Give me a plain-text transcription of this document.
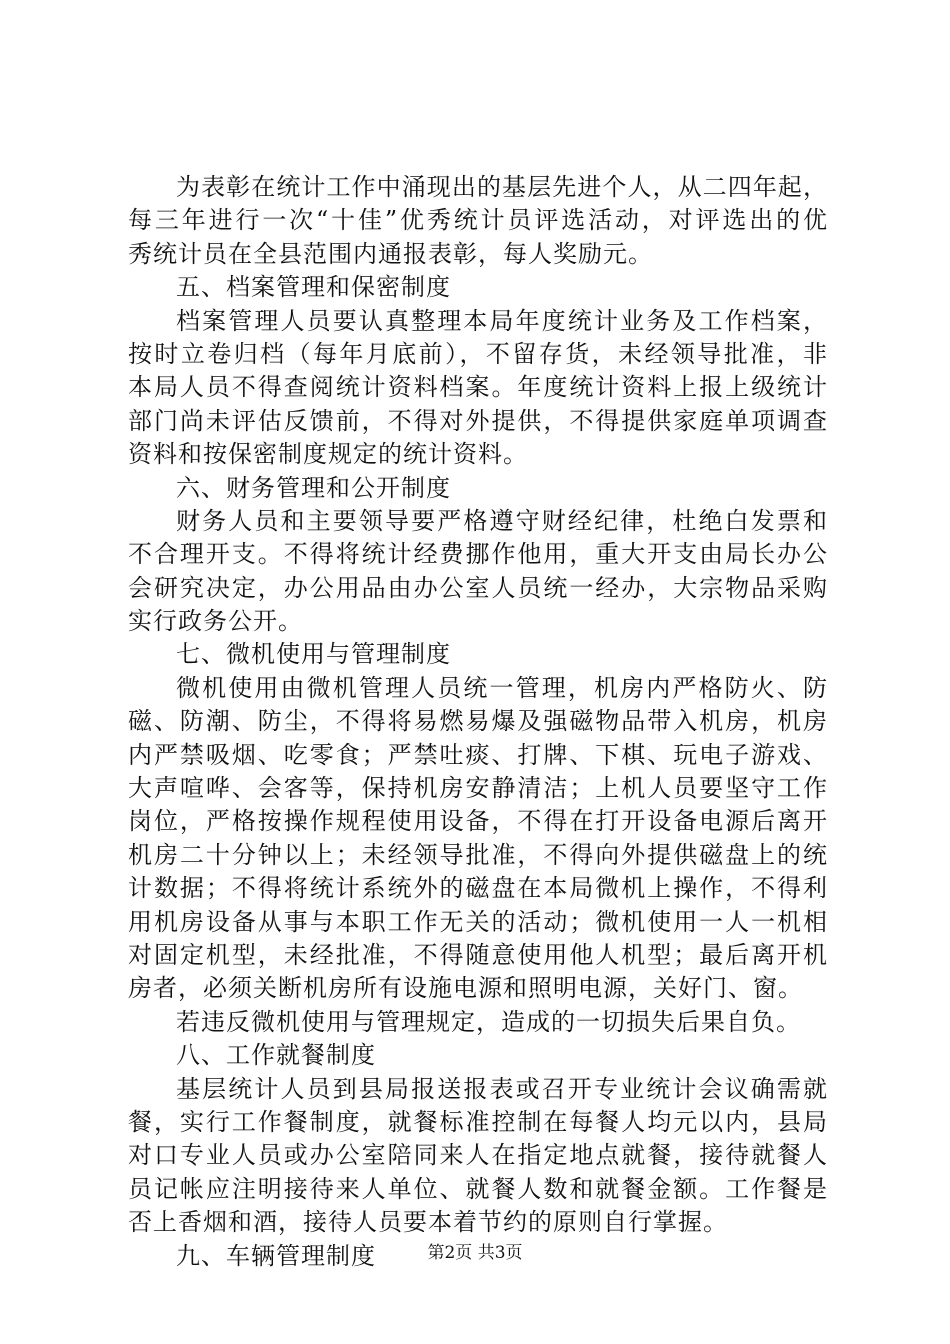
为表彰在统计工作中涌现出的基层先进个人，从二四年起，
每三年进行一次“十佳”优秀统计员评选活动，对评选出的优
秀统计员在全县范围内通报表彰，每人奖励元。
五、档案管理和保密制度
档案管理人员要认真整理本局年度统计业务及工作档案，
按时立卷归档（每年月底前），不留存货，未经领导批准，非
本局人员不得查阅统计资料档案。年度统计资料上报上级统计
部门尚未评估反馈前，不得对外提供，不得提供家庭单项调查
资料和按保密制度规定的统计资料。
六、财务管理和公开制度
财务人员和主要领导要严格遵守财经纪律，杜绝白发票和
不合理开支。不得将统计经费挪作他用，重大开支由局长办公
会研究决定，办公用品由办公室人员统一经办，大宗物品采购
实行政务公开。
七、微机使用与管理制度
微机使用由微机管理人员统一管理，机房内严格防火、防
磁、防潮、防尘，不得将易燃易爆及强磁物品带入机房，机房
内严禁吸烟、吃零食；严禁吐痰、打牌、下棋、玩电子游戏、
大声喧哗、会客等，保持机房安静清洁；上机人员要坚守工作
岗位，严格按操作规程使用设备，不得在打开设备电源后离开
机房二十分钟以上；未经领导批准，不得向外提供磁盘上的统
计数据；不得将统计系统外的磁盘在本局微机上操作，不得利
用机房设备从事与本职工作无关的活动；微机使用一人一机相
对固定机型，未经批准，不得随意使用他人机型；最后离开机
房者，必须关断机房所有设施电源和照明电源，关好门、窗。
若违反微机使用与管理规定，造成的一切损失后果自负。
八、工作就餐制度
基层统计人员到县局报送报表或召开专业统计会议确需就
餐，实行工作餐制度，就餐标准控制在每餐人均元以内，县局
对口专业人员或办公室陪同来人在指定地点就餐，接待就餐人
员记帐应注明接待来人单位、就餐人数和就餐金额。工作餐是
否上香烟和酒，接待人员要本着节约的原则自行掌握。
九、车辆管理制度	第2页 共3页
